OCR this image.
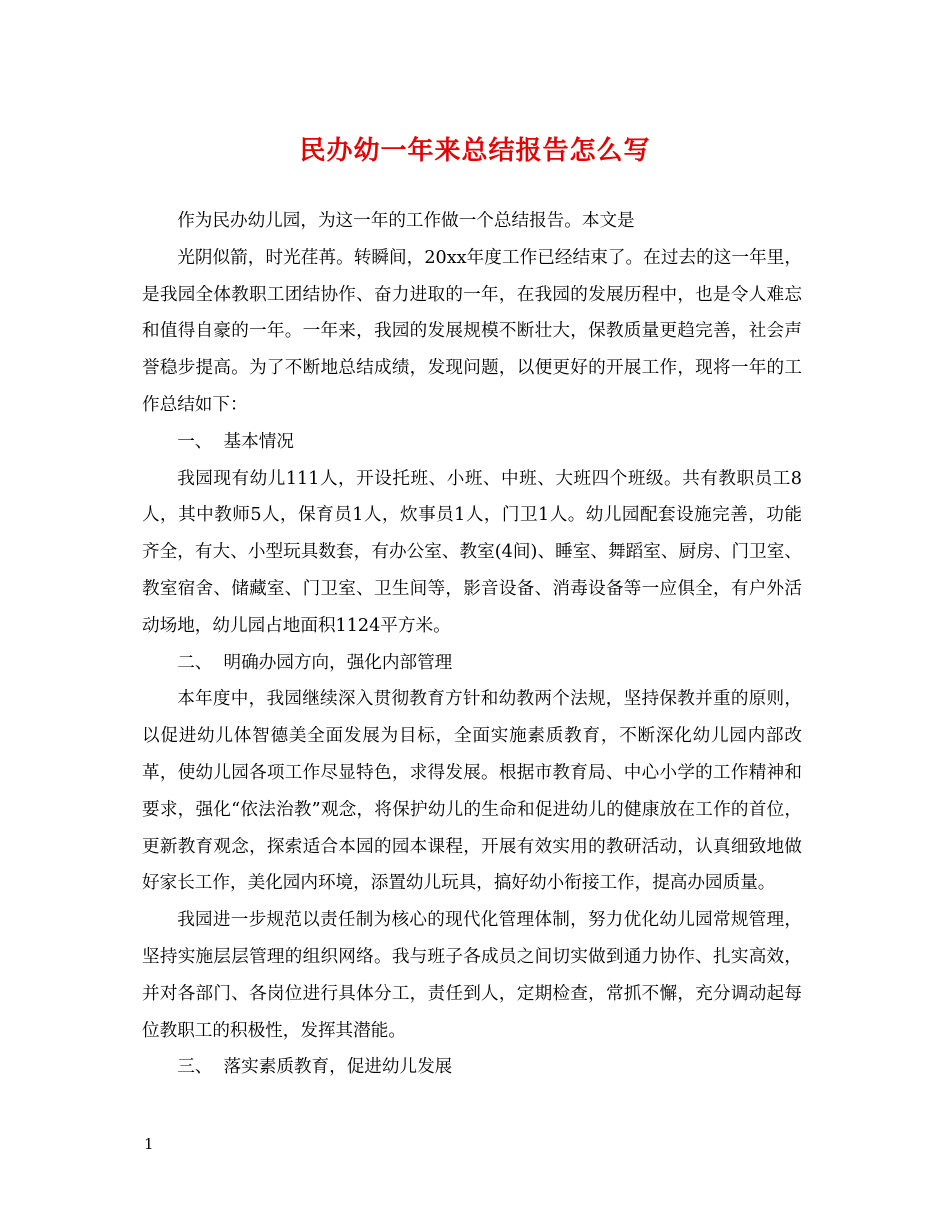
民办幼一年来总结报告怎么写

作为民办幼儿园，为这一年的工作做一个总结报告。本文是

光阴似箭，时光荏苒。转瞬间，20xx年度工作已经结束了。在过去的这一年里，是我园全体教职工团结协作、奋力进取的一年，在我园的发展历程中，也是令人难忘和值得自豪的一年。一年来，我园的发展规模不断壮大，保教质量更趋完善，社会声誉稳步提高。为了不断地总结成绩，发现问题，以便更好的开展工作，现将一年的工作总结如下：

一、  基本情况

我园现有幼儿111人，开设托班、小班、中班、大班四个班级。共有教职员工8人，其中教师5人，保育员1人，炊事员1人，门卫1人。幼儿园配套设施完善，功能齐全，有大、小型玩具数套，有办公室、教室(4间)、睡室、舞蹈室、厨房、门卫室、教室宿舍、储藏室、门卫室、卫生间等，影音设备、消毒设备等一应俱全，有户外活动场地，幼儿园占地面积1124平方米。

二、  明确办园方向，强化内部管理

本年度中，我园继续深入贯彻教育方针和幼教两个法规，坚持保教并重的原则，以促进幼儿体智德美全面发展为目标，全面实施素质教育，不断深化幼儿园内部改革，使幼儿园各项工作尽显特色，求得发展。根据市教育局、中心小学的工作精神和要求，强化“依法治教”观念，将保护幼儿的生命和促进幼儿的健康放在工作的首位，更新教育观念，探索适合本园的园本课程，开展有效实用的教研活动，认真细致地做好家长工作，美化园内环境，添置幼儿玩具，搞好幼小衔接工作，提高办园质量。

我园进一步规范以责任制为核心的现代化管理体制，努力优化幼儿园常规管理，坚持实施层层管理的组织网络。我与班子各成员之间切实做到通力协作、扎实高效，并对各部门、各岗位进行具体分工，责任到人，定期检查，常抓不懈，充分调动起每位教职工的积极性，发挥其潜能。

三、  落实素质教育，促进幼儿发展

1
